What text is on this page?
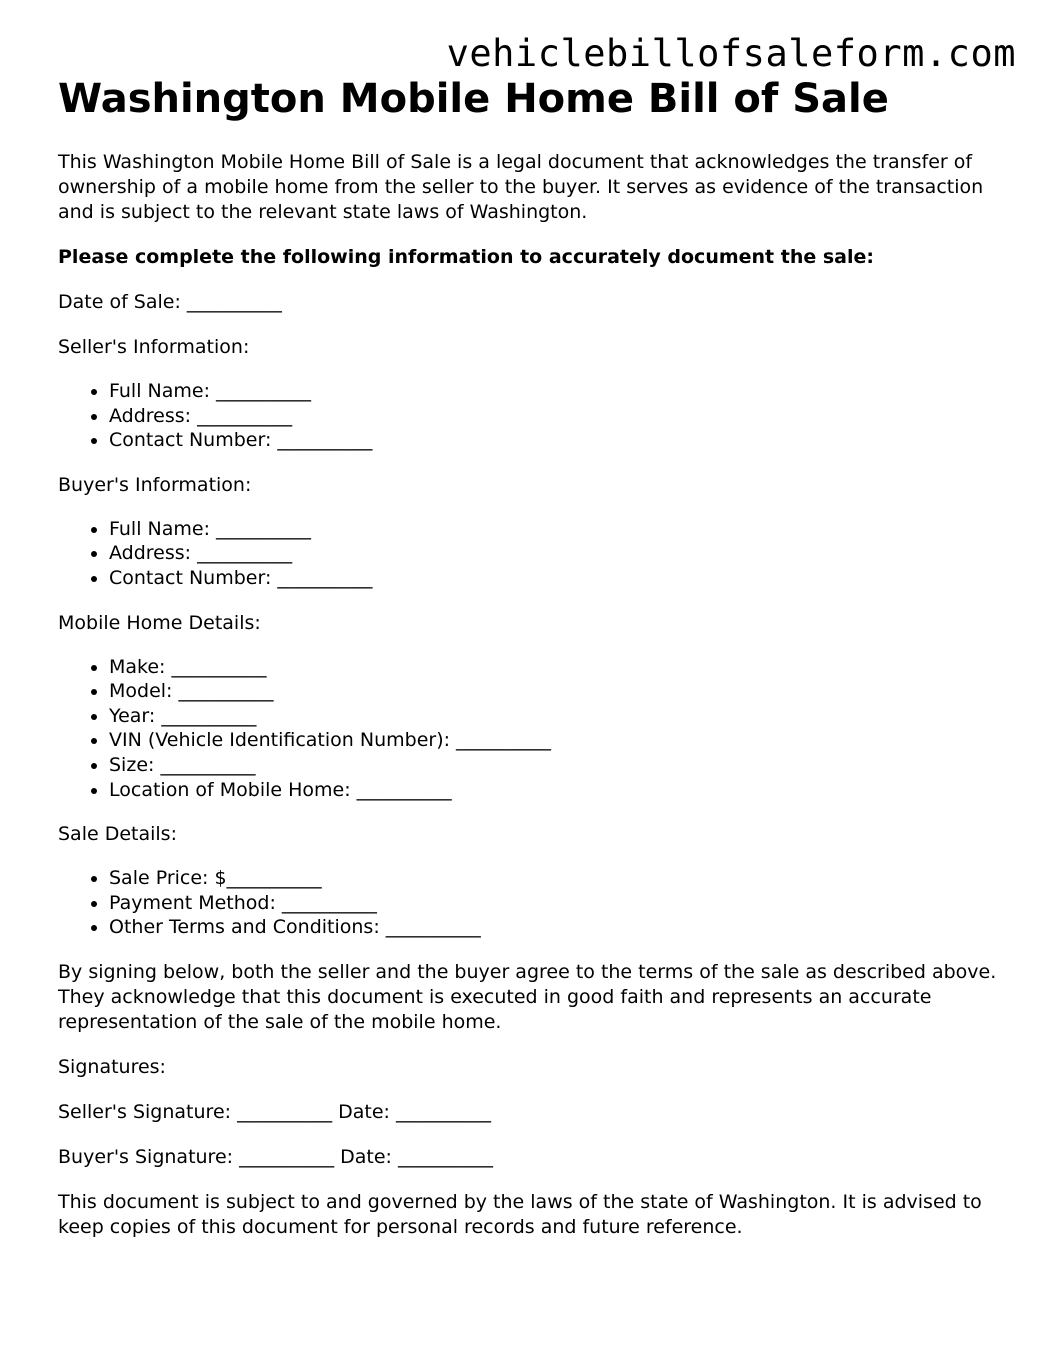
vehiclebillofsaleform.com
Washington Mobile Home Bill of Sale

This Washington Mobile Home Bill of Sale is a legal document that acknowledges the transfer of ownership of a mobile home from the seller to the buyer. It serves as evidence of the transaction and is subject to the relevant state laws of Washington.

Please complete the following information to accurately document the sale:

Date of Sale: __________

Seller's Information:

• Full Name: __________
• Address: __________
• Contact Number: __________

Buyer's Information:

• Full Name: __________
• Address: __________
• Contact Number: __________

Mobile Home Details:

• Make: __________
• Model: __________
• Year: __________
• VIN (Vehicle Identification Number): __________
• Size: __________
• Location of Mobile Home: __________

Sale Details:

• Sale Price: $__________
• Payment Method: __________
• Other Terms and Conditions: __________

By signing below, both the seller and the buyer agree to the terms of the sale as described above. They acknowledge that this document is executed in good faith and represents an accurate representation of the sale of the mobile home.

Signatures:

Seller's Signature: __________ Date: __________

Buyer's Signature: __________ Date: __________

This document is subject to and governed by the laws of the state of Washington. It is advised to keep copies of this document for personal records and future reference.
